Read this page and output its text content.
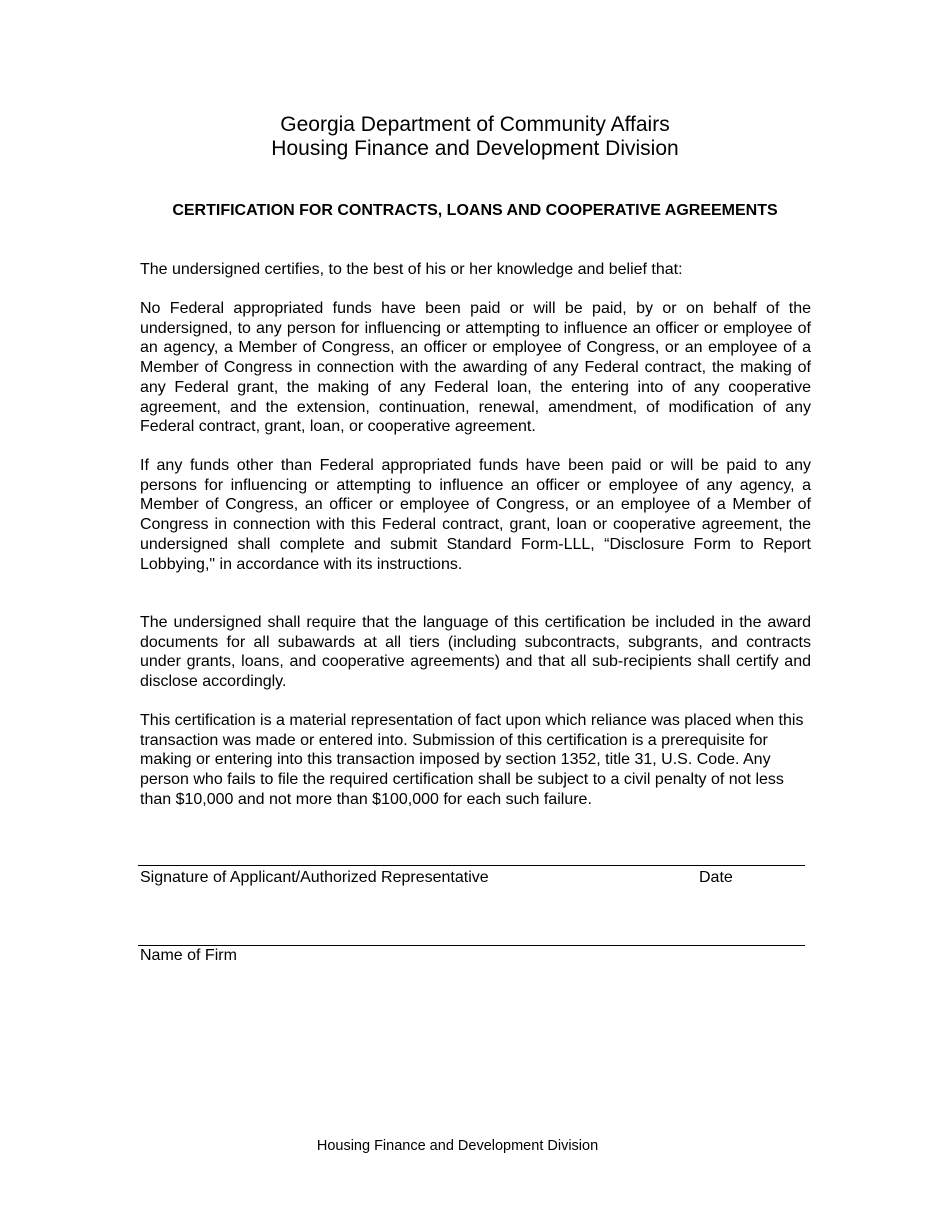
Georgia Department of Community Affairs
Housing Finance and Development Division
CERTIFICATION FOR CONTRACTS, LOANS AND COOPERATIVE AGREEMENTS
The undersigned certifies, to the best of his or her knowledge and belief that:
No Federal appropriated funds have been paid or will be paid, by or on behalf of the undersigned, to any person for influencing or attempting to influence an officer or employee of an agency, a Member of Congress, an officer or employee of Congress, or an employee of a Member of Congress in connection with the awarding of any Federal contract, the making of any Federal grant, the making of any Federal loan, the entering into of any cooperative agreement, and the extension, continuation, renewal, amendment, of modification of any Federal contract, grant, loan, or cooperative agreement.
If any funds other than Federal appropriated funds have been paid or will be paid to any persons for influencing or attempting to influence an officer or employee of any agency, a Member of Congress, an officer or employee of Congress, or an employee of a Member of Congress in connection with this Federal contract, grant, loan or cooperative agreement, the undersigned shall complete and submit Standard Form-LLL, “Disclosure Form to Report Lobbying," in accordance with its instructions.
The undersigned shall require that the language of this certification be included in the award documents for all subawards at all tiers (including subcontracts, subgrants, and contracts under grants, loans, and cooperative agreements) and that all sub-recipients shall certify and disclose accordingly.
This certification is a material representation of fact upon which reliance was placed when this transaction was made or entered into. Submission of this certification is a prerequisite for making or entering into this transaction imposed by section 1352, title 31, U.S. Code. Any person who fails to file the required certification shall be subject to a civil penalty of not less than $10,000 and not more than $100,000 for each such failure.
Signature of Applicant/Authorized Representative	Date
Name of Firm
Housing Finance and Development Division
